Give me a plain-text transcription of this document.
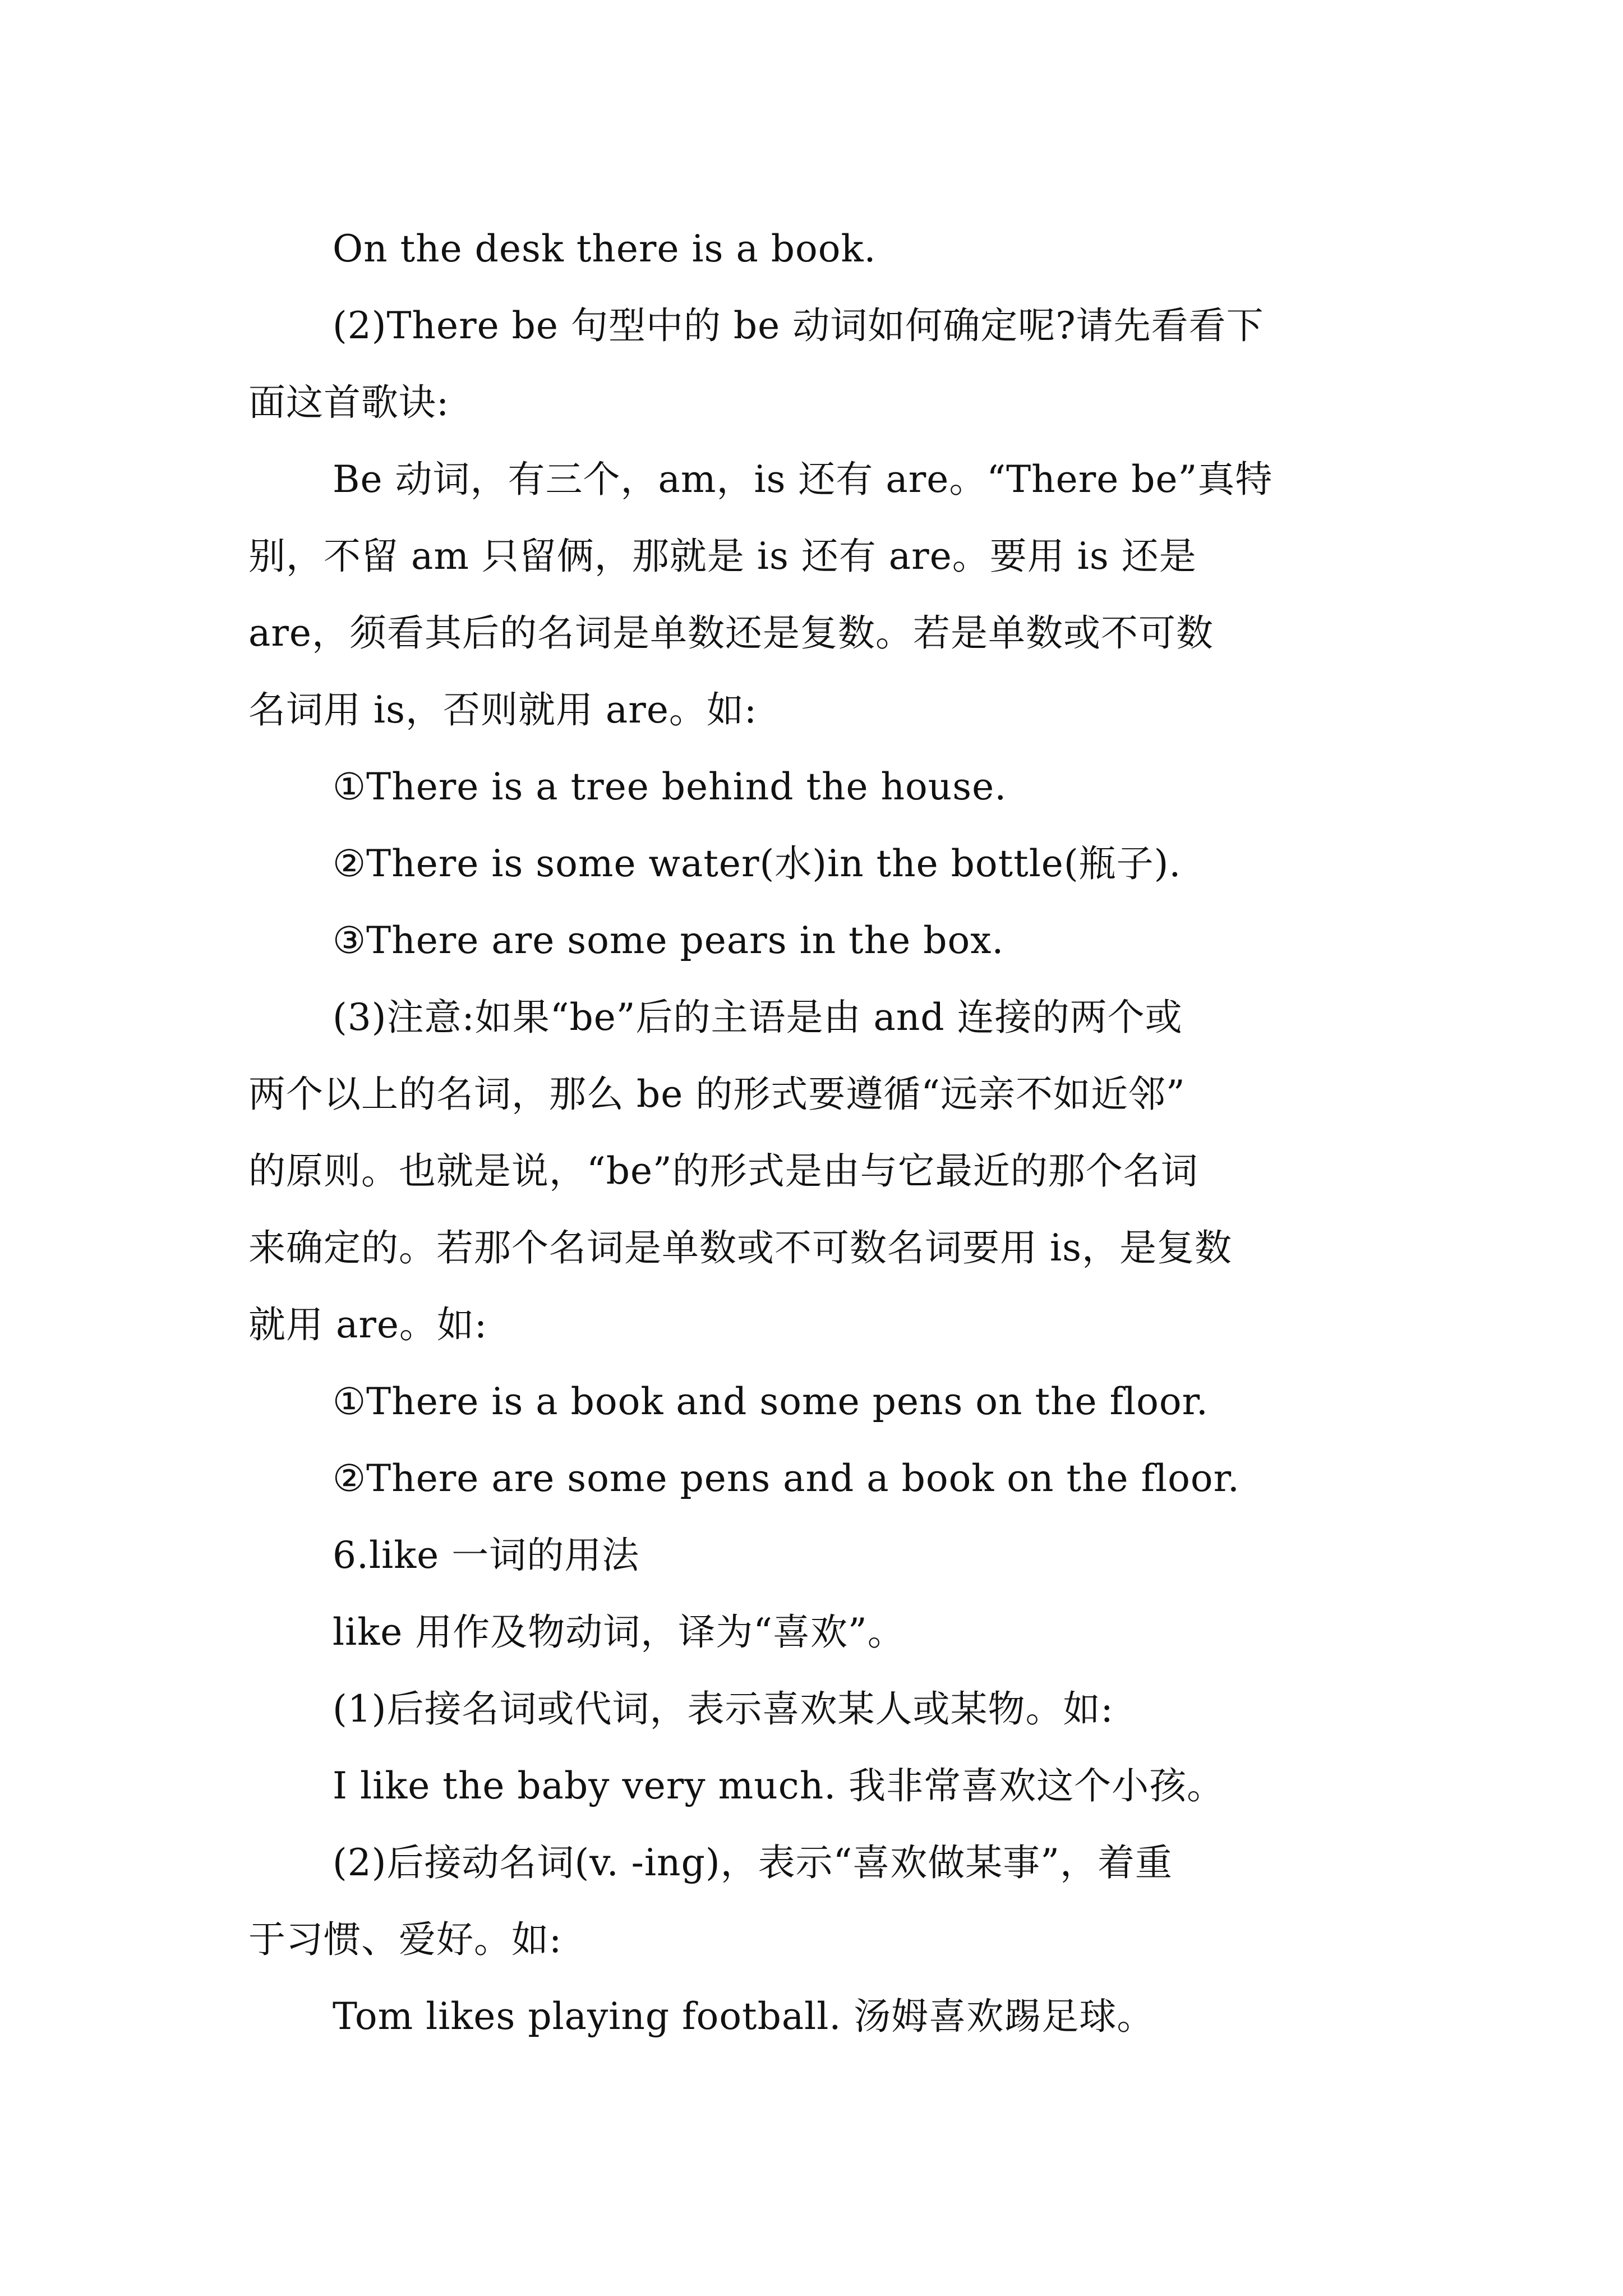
On the desk there is a book.
(2)There be 句型中的 be 动词如何确定呢?请先看看下
面这首歌诀:
Be 动词，有三个，am，is 还有 are。“There be”真特
别，不留 am 只留俩，那就是 is 还有 are。要用 is 还是
are，须看其后的名词是单数还是复数。若是单数或不可数
名词用 is，否则就用 are。如:
①There is a tree behind the house.
②There is some water(水)in the bottle(瓶子).
③There are some pears in the box.
(3)注意:如果“be”后的主语是由 and 连接的两个或
两个以上的名词，那么 be 的形式要遵循“远亲不如近邻”
的原则。也就是说，“be”的形式是由与它最近的那个名词
来确定的。若那个名词是单数或不可数名词要用 is，是复数
就用 are。如:
①There is a book and some pens on the floor.
②There are some pens and a book on the floor.
6.like 一词的用法
like 用作及物动词，译为“喜欢”。
(1)后接名词或代词，表示喜欢某人或某物。如:
I like the baby very much. 我非常喜欢这个小孩。
(2)后接动名词(v. -ing)，表示“喜欢做某事”，着重
于习惯、爱好。如:
Tom likes playing football. 汤姆喜欢踢足球。
